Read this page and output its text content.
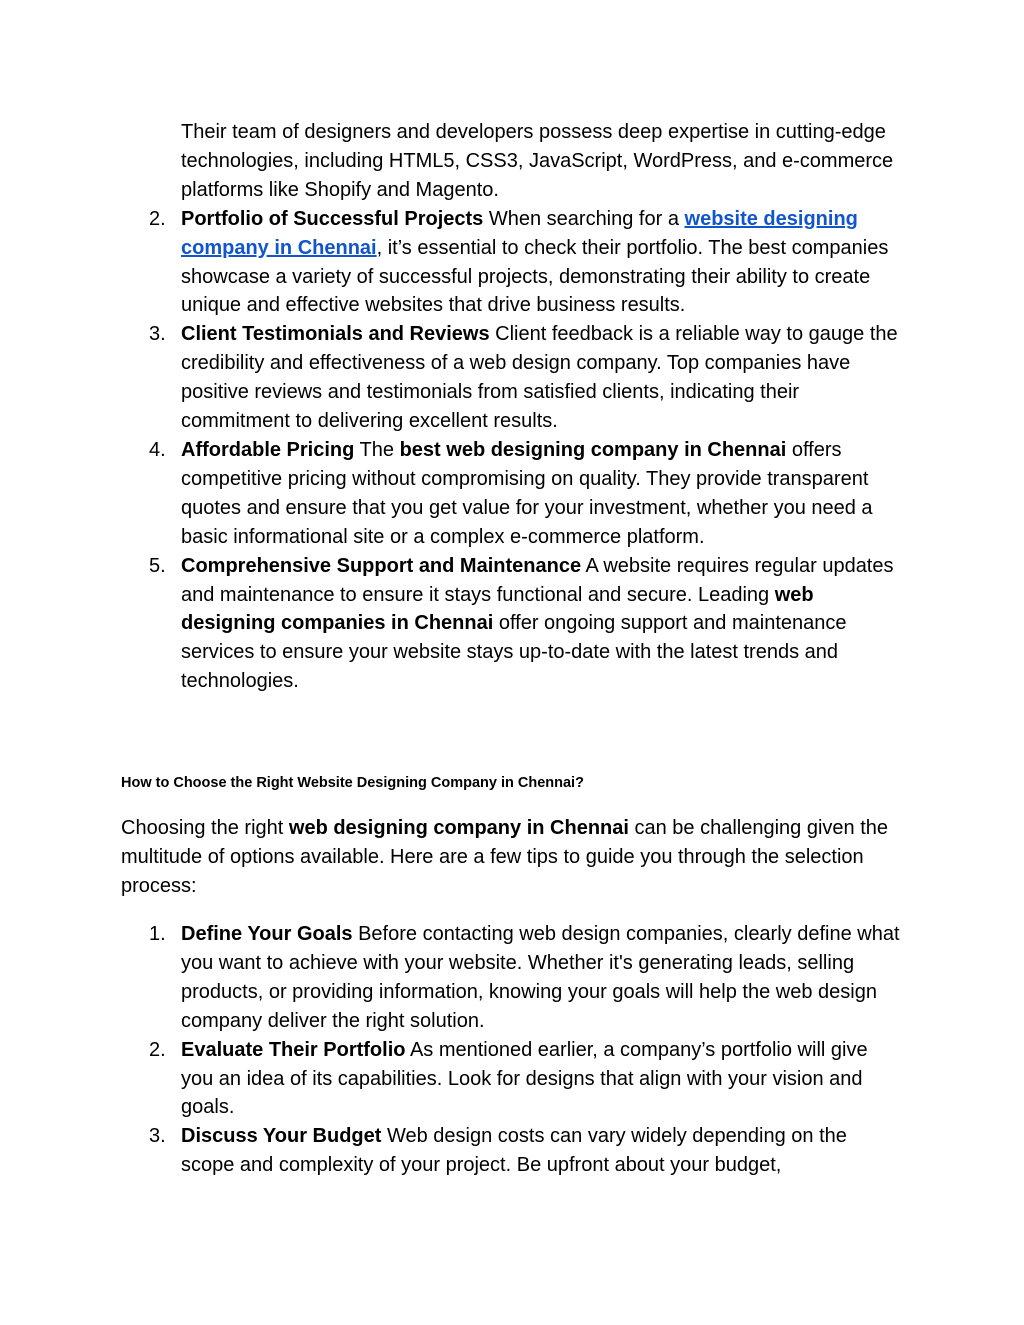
Their team of designers and developers possess deep expertise in cutting-edge technologies, including HTML5, CSS3, JavaScript, WordPress, and e-commerce platforms like Shopify and Magento.
2. Portfolio of Successful Projects When searching for a website designing company in Chennai, it’s essential to check their portfolio. The best companies showcase a variety of successful projects, demonstrating their ability to create unique and effective websites that drive business results.
3. Client Testimonials and Reviews Client feedback is a reliable way to gauge the credibility and effectiveness of a web design company. Top companies have positive reviews and testimonials from satisfied clients, indicating their commitment to delivering excellent results.
4. Affordable Pricing The best web designing company in Chennai offers competitive pricing without compromising on quality. They provide transparent quotes and ensure that you get value for your investment, whether you need a basic informational site or a complex e-commerce platform.
5. Comprehensive Support and Maintenance A website requires regular updates and maintenance to ensure it stays functional and secure. Leading web designing companies in Chennai offer ongoing support and maintenance services to ensure your website stays up-to-date with the latest trends and technologies.
How to Choose the Right Website Designing Company in Chennai?

Choosing the right web designing company in Chennai can be challenging given the multitude of options available. Here are a few tips to guide you through the selection process:

1. Define Your Goals Before contacting web design companies, clearly define what you want to achieve with your website. Whether it's generating leads, selling products, or providing information, knowing your goals will help the web design company deliver the right solution.
2. Evaluate Their Portfolio As mentioned earlier, a company’s portfolio will give you an idea of its capabilities. Look for designs that align with your vision and goals.
3. Discuss Your Budget Web design costs can vary widely depending on the scope and complexity of your project. Be upfront about your budget,
